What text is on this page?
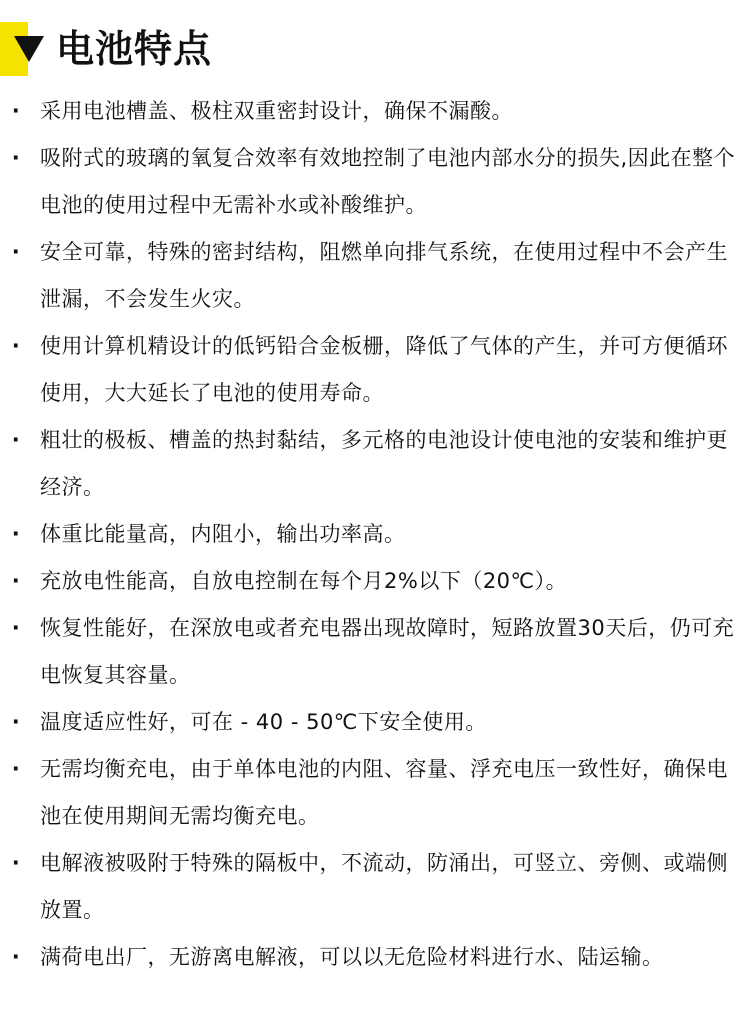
电池特点
· 采用电池槽盖、极柱双重密封设计，确保不漏酸。
· 吸附式的玻璃的氧复合效率有效地控制了电池内部水分的损失,因此在整个电池的使用过程中无需补水或补酸维护。
· 安全可靠，特殊的密封结构，阻燃单向排气系统，在使用过程中不会产生泄漏，不会发生火灾。
· 使用计算机精设计的低钙铅合金板栅，降低了气体的产生，并可方便循环使用，大大延长了电池的使用寿命。
· 粗壮的极板、槽盖的热封黏结，多元格的电池设计使电池的安装和维护更经济。
· 体重比能量高，内阻小，输出功率高。
· 充放电性能高，自放电控制在每个月2%以下（20℃）。
· 恢复性能好，在深放电或者充电器出现故障时，短路放置30天后，仍可充电恢复其容量。
· 温度适应性好，可在 - 40 - 50℃下安全使用。
· 无需均衡充电，由于单体电池的内阻、容量、浮充电压一致性好，确保电池在使用期间无需均衡充电。
· 电解液被吸附于特殊的隔板中，不流动，防涌出，可竖立、旁侧、或端侧放置。
· 满荷电出厂，无游离电解液，可以以无危险材料进行水、陆运输。
